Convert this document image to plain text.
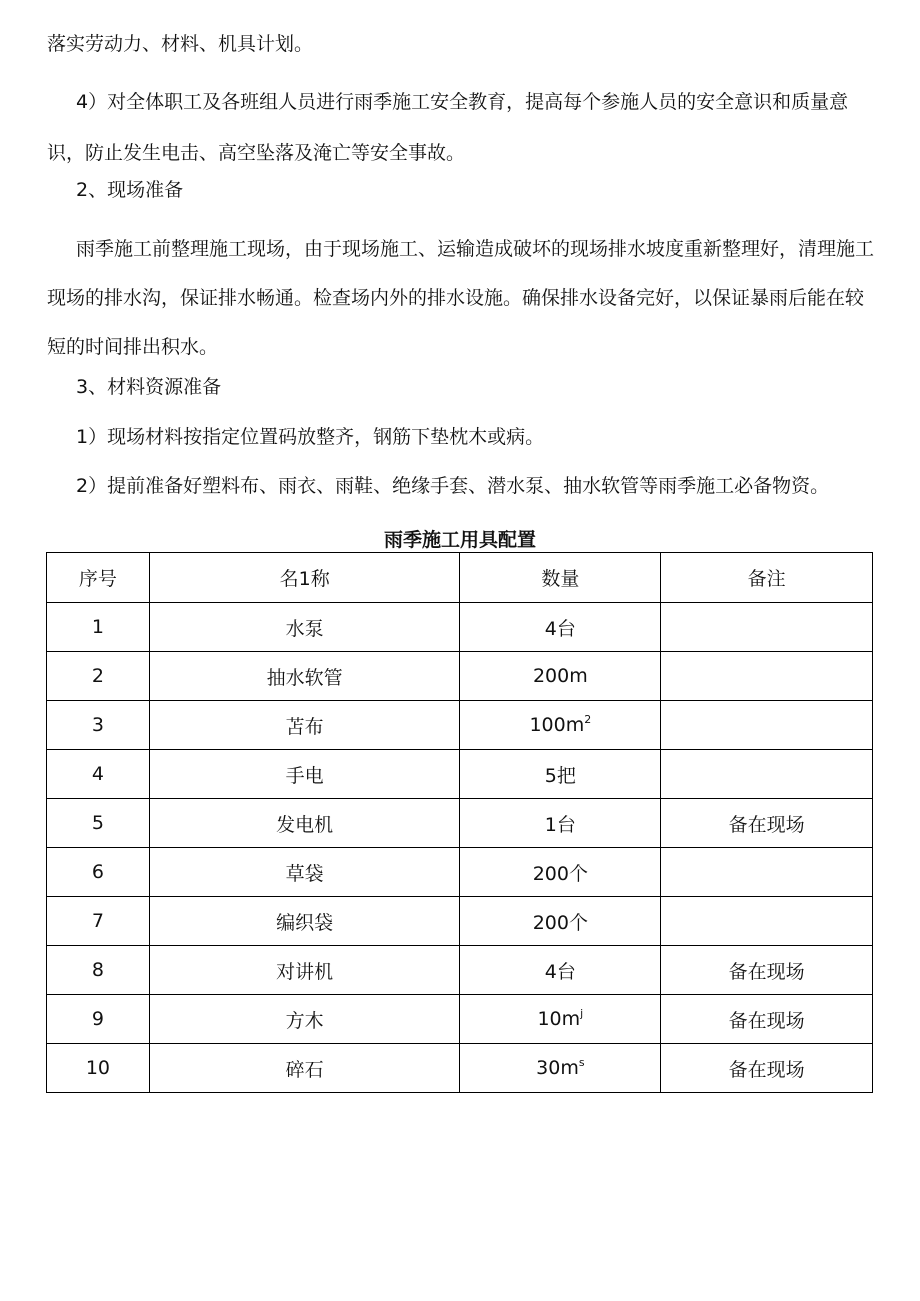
落实劳动力、材料、机具计划。

4）对全体职工及各班组人员进行雨季施工安全教育，提高每个参施人员的安全意识和质量意识，防止发生电击、高空坠落及淹亡等安全事故。

2、现场准备

雨季施工前整理施工现场，由于现场施工、运输造成破坏的现场排水坡度重新整理好，清理施工现场的排水沟，保证排水畅通。检查场内外的排水设施。确保排水设备完好，以保证暴雨后能在较短的时间排出积水。

3、材料资源准备

1）现场材料按指定位置码放整齐，钢筋下垫枕木或病。

2）提前准备好塑料布、雨衣、雨鞋、绝缘手套、潜水泵、抽水软管等雨季施工必备物资。

雨季施工用具配置
序号	名1称	数量	备注
1	水泵	4台	
2	抽水软管	200m	
3	苫布	$100m^2$	
4	手电	5把	
5	发电机	1台	备在现场
6	草袋	200个	
7	编织袋	200个	
8	对讲机	4台	备在现场
9	方木	$10m^j$	备在现场
10	碎石	$30m^s$	备在现场
